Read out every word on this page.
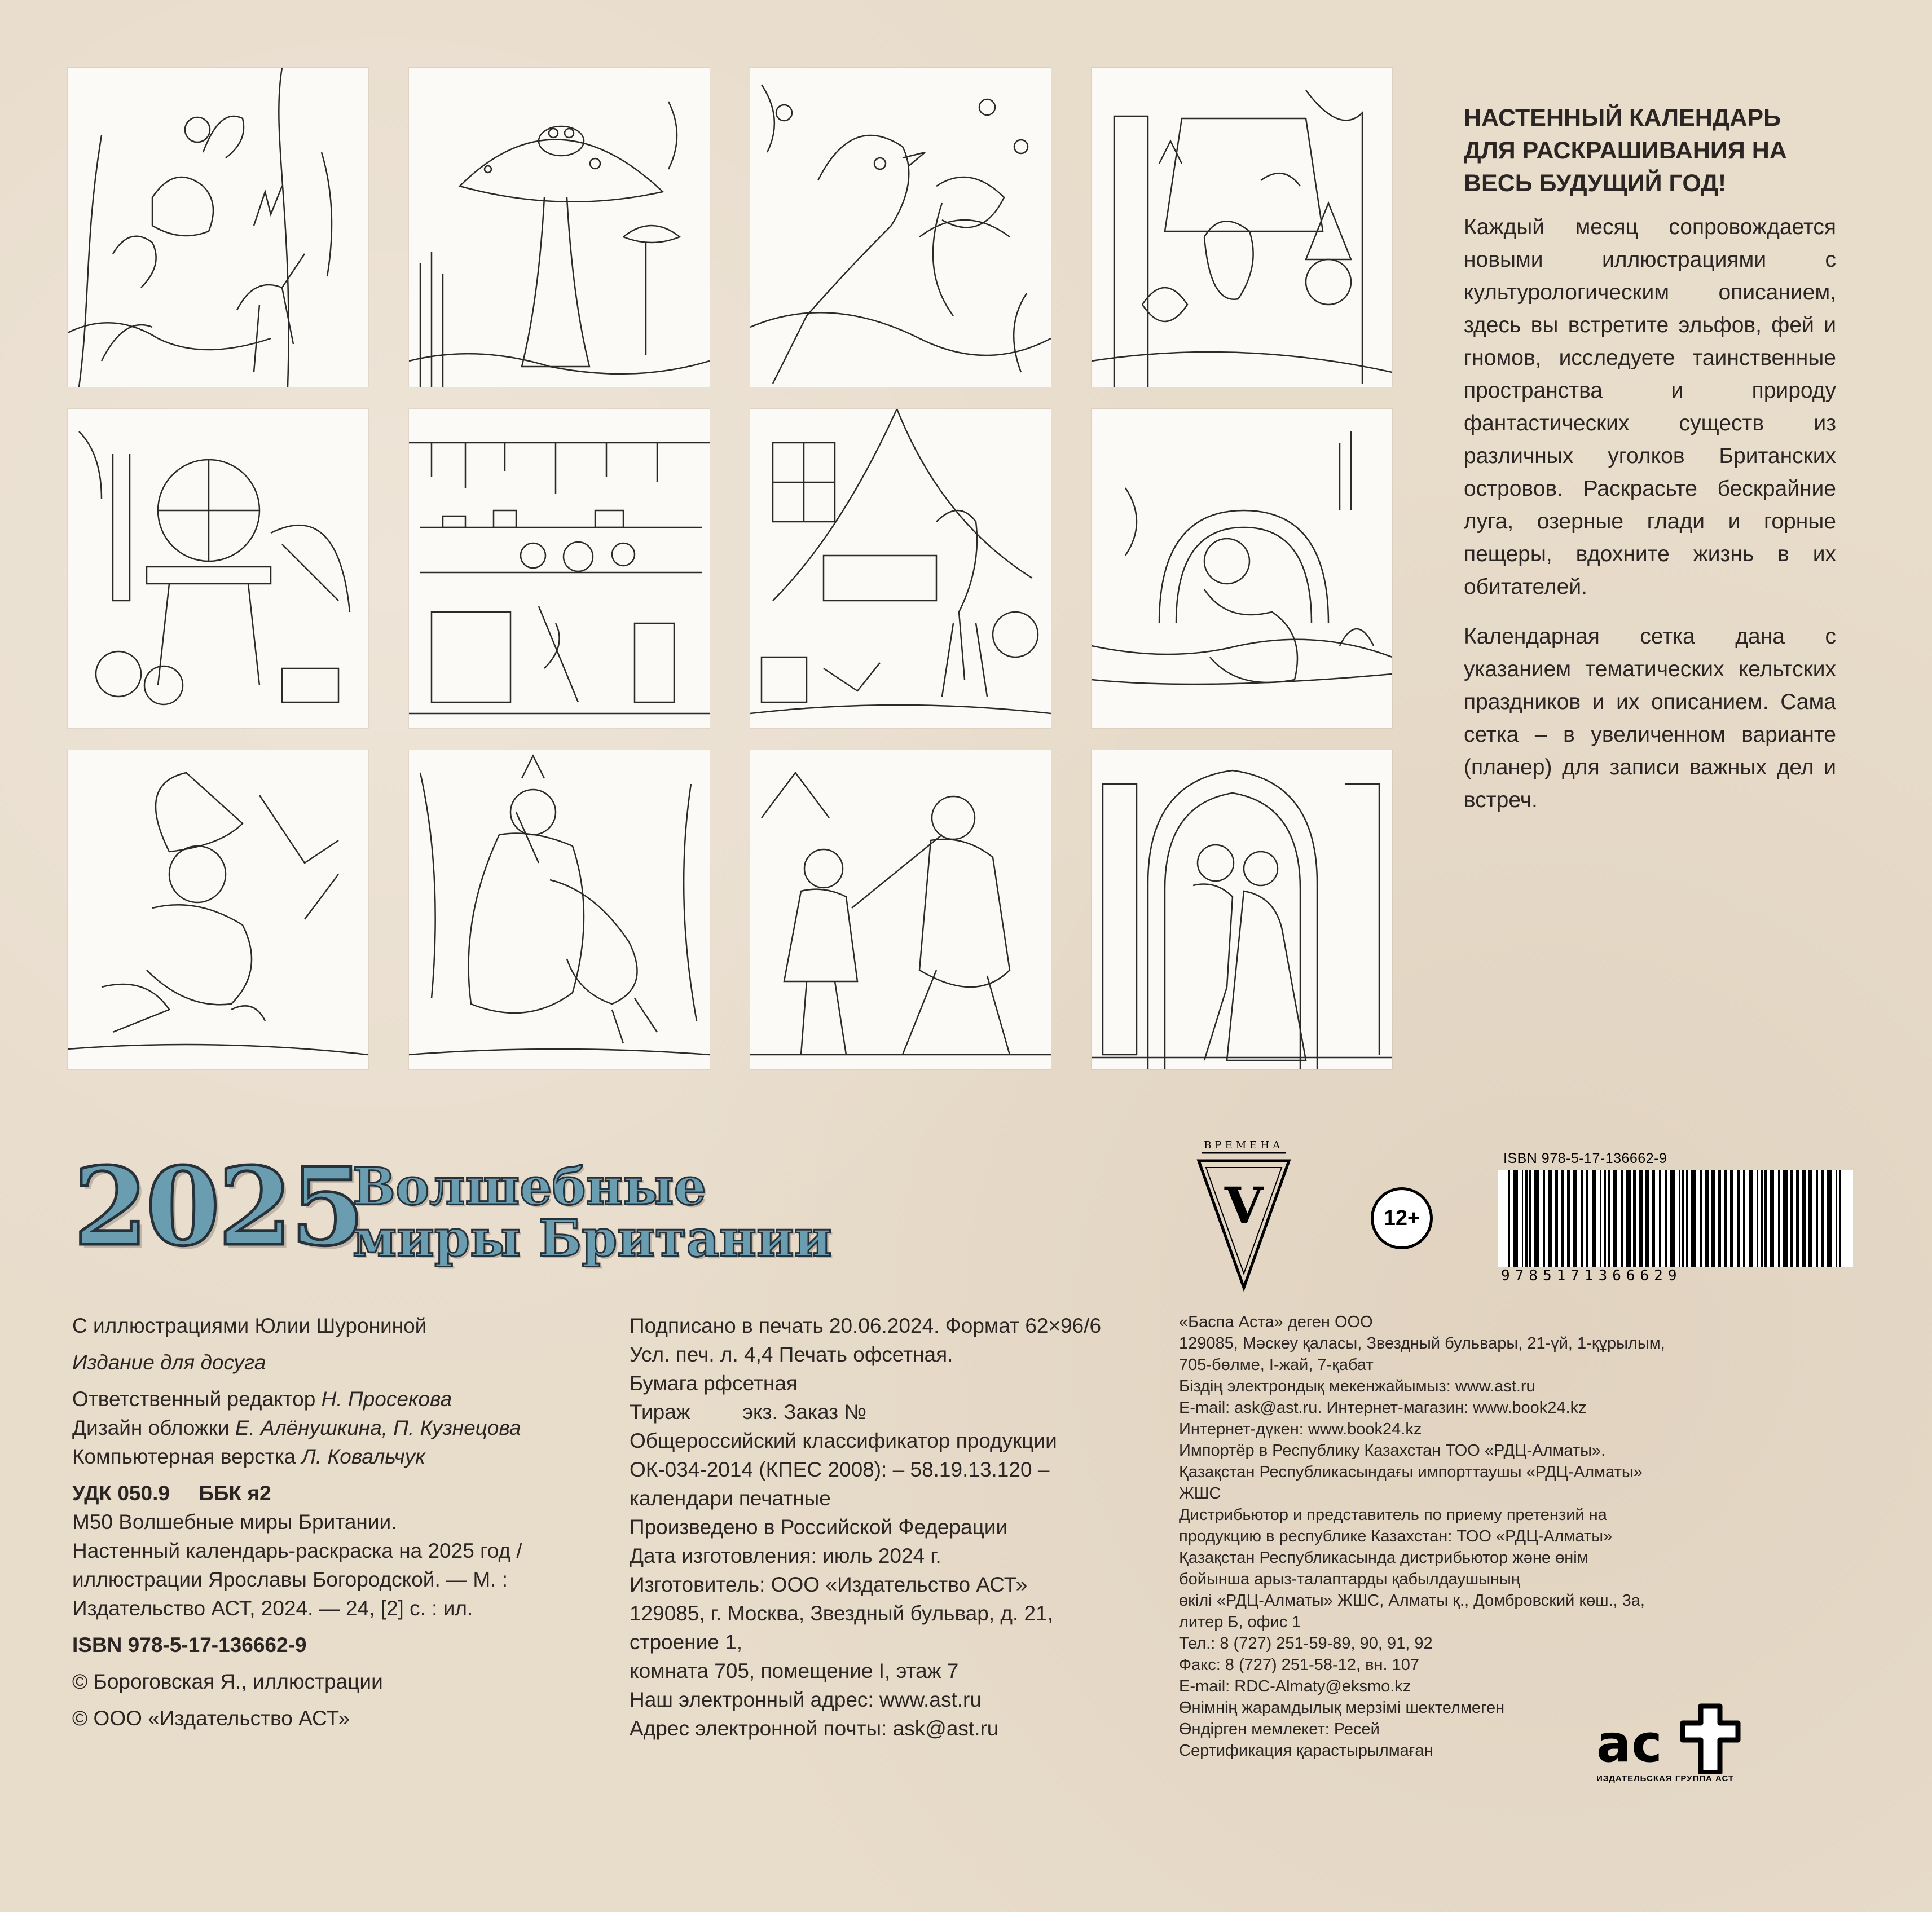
НАСТЕННЫЙ КАЛЕНДАРЬ ДЛЯ РАСКРАШИВАНИЯ НА ВЕСЬ БУДУЩИЙ ГОД!

Каждый месяц сопровождается новыми иллюстрациями с культурологическим описанием, здесь вы встретите эльфов, фей и гномов, исследуете таинственные пространства и природу фантастических существ из различных уголков Британских островов. Раскрасьте бескрайние луга, озерные глади и горные пещеры, вдохните жизнь в их обитателей.

Календарная сетка дана с указанием тематических кельтских праздников и их описанием. Сама сетка – в увеличенном варианте (планер) для записи важных дел и встреч.

2025
Волшебные
миры Британии
ВРЕМЕНА
V	12+
ISBN 978-5-17-136662-9
9785171366629
С иллюстрациями Юлии Шурониной
Издание для досуга
Ответственный редактор Н. Просекова
Дизайн обложки Е. Алёнушкина, П. Кузнецова
Компьютерная верстка Л. Ковальчук
УДК 050.9     ББК я2
М50 Волшебные миры Британии.
Настенный календарь-раскраска на 2025 год /
иллюстрации Ярославы Богородской. — М. :
Издательство АСТ, 2024. — 24, [2] с. : ил.
ISBN 978-5-17-136662-9
© Бороговская Я., иллюстрации
© ООО «Издательство АСТ»
Подписано в печать 20.06.2024. Формат 62×96/6
Усл. печ. л. 4,4 Печать офсетная.
Бумага рфсетная
Тираж         экз. Заказ №
Общероссийский классификатор продукции
ОК-034-2014 (КПЕС 2008): – 58.19.13.120 –
календари печатные
Произведено в Российской Федерации
Дата изготовления: июль 2024 г.
Изготовитель: ООО «Издательство АСТ»
129085, г. Москва, Звездный бульвар, д. 21,
строение 1,
комната 705, помещение I, этаж 7
Наш электронный адрес: www.ast.ru
Адрес электронной почты: ask@ast.ru
«Баспа Аста» деген ООО
129085, Мәскеу қаласы, Звездный бульвары, 21-үй, 1-құрылым,
705-бөлме, I-жай, 7-қабат
Біздің электрондық мекенжайымыз: www.ast.ru
E-mail: ask@ast.ru. Интернет-магазин: www.book24.kz
Интернет-дүкен: www.book24.kz
Импортёр в Республику Казахстан ТОО «РДЦ-Алматы».
Қазақстан Республикасындағы импорттаушы «РДЦ-Алматы»
ЖШС
Дистрибьютор и представитель по приему претензий на
продукцию в республике Казахстан: ТОО «РДЦ-Алматы»
Қазақстан Республикасында дистрибьютор және өнім
бойынша арыз-талаптарды қабылдаушының
өкілі «РДЦ-Алматы» ЖШС, Алматы қ., Домбровский көш., 3а,
литер Б, офис 1
Тел.: 8 (727) 251-59-89, 90, 91, 92
Факс: 8 (727) 251-58-12, вн. 107
E-mail: RDC-Almaty@eksmo.kz
Өнімнің жарамдылық мерзімі шектелмеген
Өндірген мемлекет: Ресей
Сертификация қарастырылмаған	ac
ИЗДАТЕЛЬСКАЯ ГРУППА АСТ
